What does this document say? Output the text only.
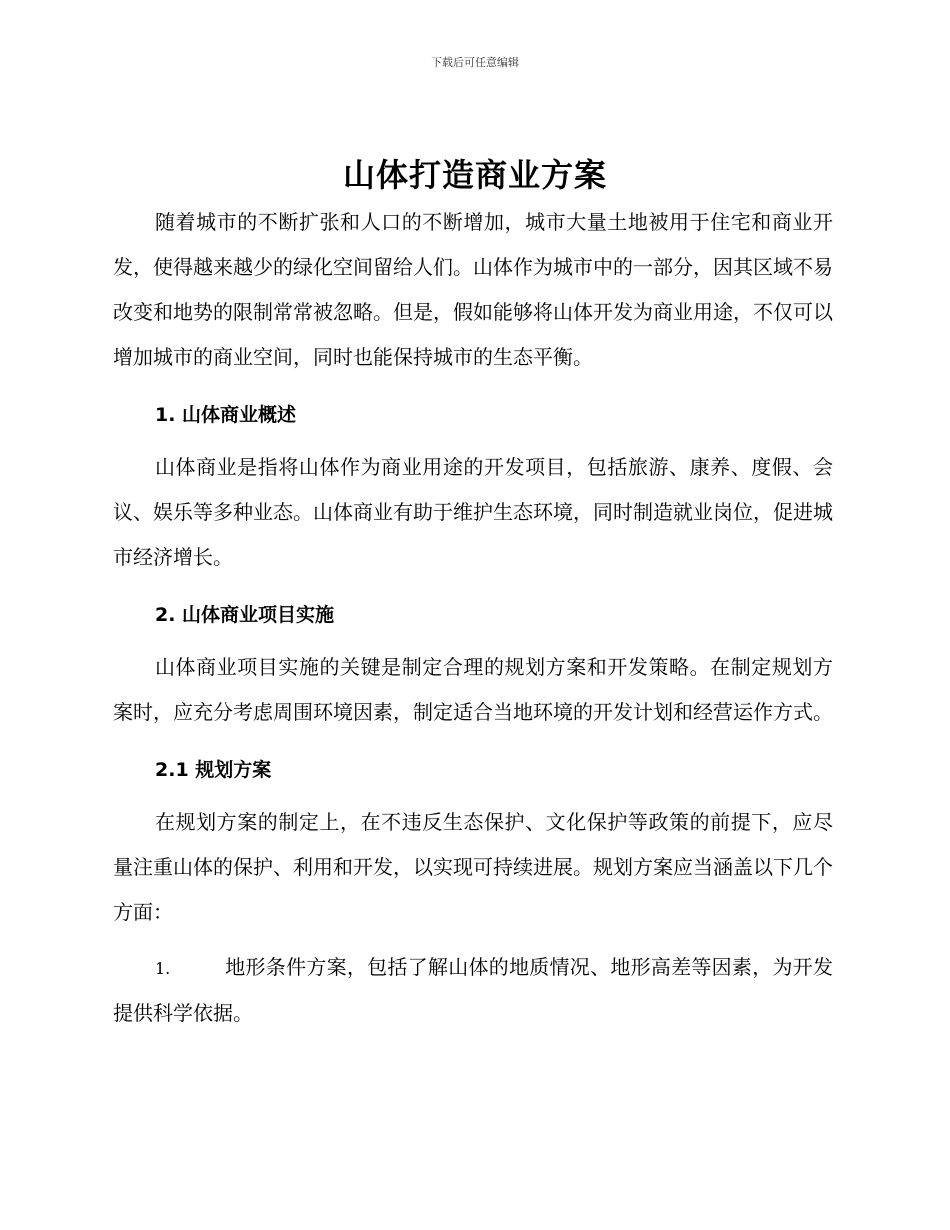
下载后可任意编辑
山体打造商业方案

随着城市的不断扩张和人口的不断增加，城市大量土地被用于住宅和商业开发，使得越来越少的绿化空间留给人们。山体作为城市中的一部分，因其区域不易改变和地势的限制常常被忽略。但是，假如能够将山体开发为商业用途，不仅可以增加城市的商业空间，同时也能保持城市的生态平衡。

1. 山体商业概述

山体商业是指将山体作为商业用途的开发项目，包括旅游、康养、度假、会议、娱乐等多种业态。山体商业有助于维护生态环境，同时制造就业岗位，促进城市经济增长。

2. 山体商业项目实施

山体商业项目实施的关键是制定合理的规划方案和开发策略。在制定规划方案时，应充分考虑周围环境因素，制定适合当地环境的开发计划和经营运作方式。

2.1 规划方案

在规划方案的制定上，在不违反生态保护、文化保护等政策的前提下，应尽量注重山体的保护、利用和开发，以实现可持续进展。规划方案应当涵盖以下几个方面：

1.	地形条件方案，包括了解山体的地质情况、地形高差等因素，为开发提供科学依据。
